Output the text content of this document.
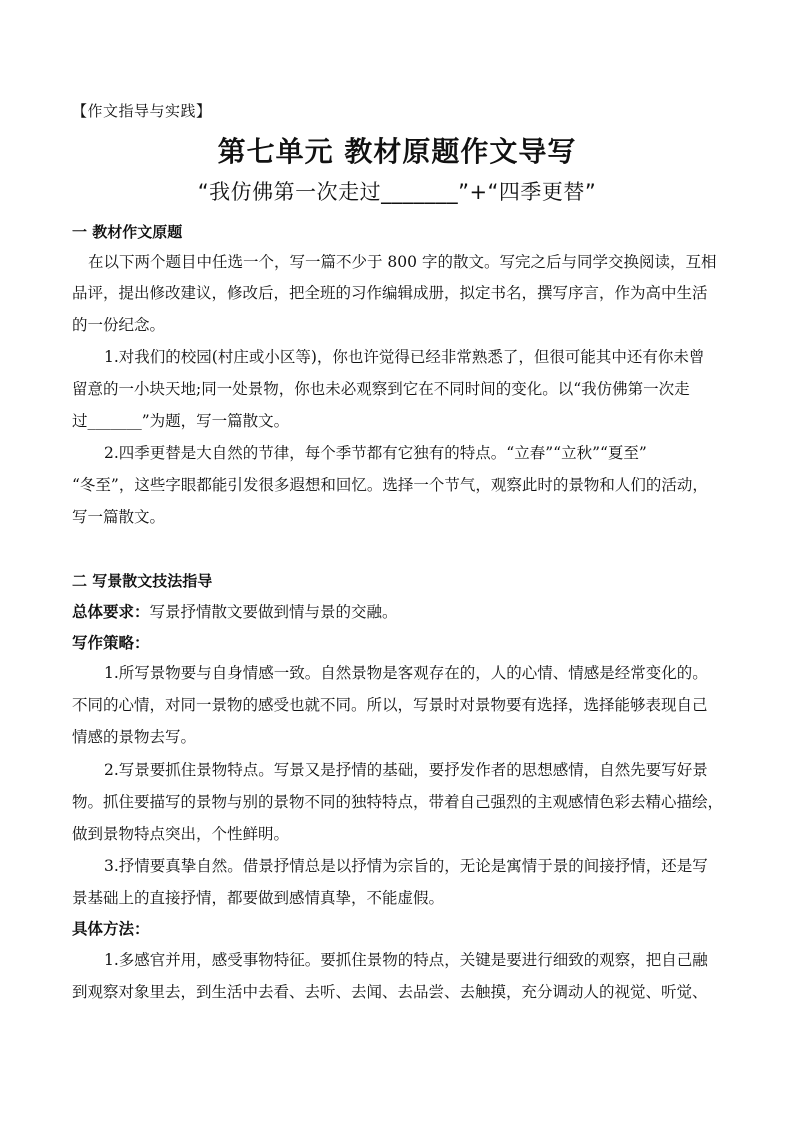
【作文指导与实践】
第七单元 教材原题作文导写
“我仿佛第一次走过_______”+“四季更替”
一 教材作文原题
在以下两个题目中任选一个，写一篇不少于 800 字的散文。写完之后与同学交换阅读，互相
品评，提出修改建议，修改后，把全班的习作编辑成册，拟定书名，撰写序言，作为高中生活
的一份纪念。
1.对我们的校园(村庄或小区等)，你也许觉得已经非常熟悉了，但很可能其中还有你未曾
留意的一小块天地;同一处景物，你也未必观察到它在不同时间的变化。以“我仿佛第一次走
过_______”为题，写一篇散文。
2.四季更替是大自然的节律，每个季节都有它独有的特点。“立春”“立秋”“夏至”
“冬至”，这些字眼都能引发很多遐想和回忆。选择一个节气，观察此时的景物和人们的活动，
写一篇散文。
二 写景散文技法指导
总体要求：写景抒情散文要做到情与景的交融。
写作策略：
1.所写景物要与自身情感一致。自然景物是客观存在的，人的心情、情感是经常变化的。
不同的心情，对同一景物的感受也就不同。所以，写景时对景物要有选择，选择能够表现自己
情感的景物去写。
2.写景要抓住景物特点。写景又是抒情的基础，要抒发作者的思想感情，自然先要写好景
物。抓住要描写的景物与别的景物不同的独特特点，带着自己强烈的主观感情色彩去精心描绘，
做到景物特点突出，个性鲜明。
3.抒情要真挚自然。借景抒情总是以抒情为宗旨的，无论是寓情于景的间接抒情，还是写
景基础上的直接抒情，都要做到感情真挚，不能虚假。
具体方法：
1.多感官并用，感受事物特征。要抓住景物的特点，关键是要进行细致的观察，把自己融
到观察对象里去，到生活中去看、去听、去闻、去品尝、去触摸，充分调动人的视觉、听觉、
